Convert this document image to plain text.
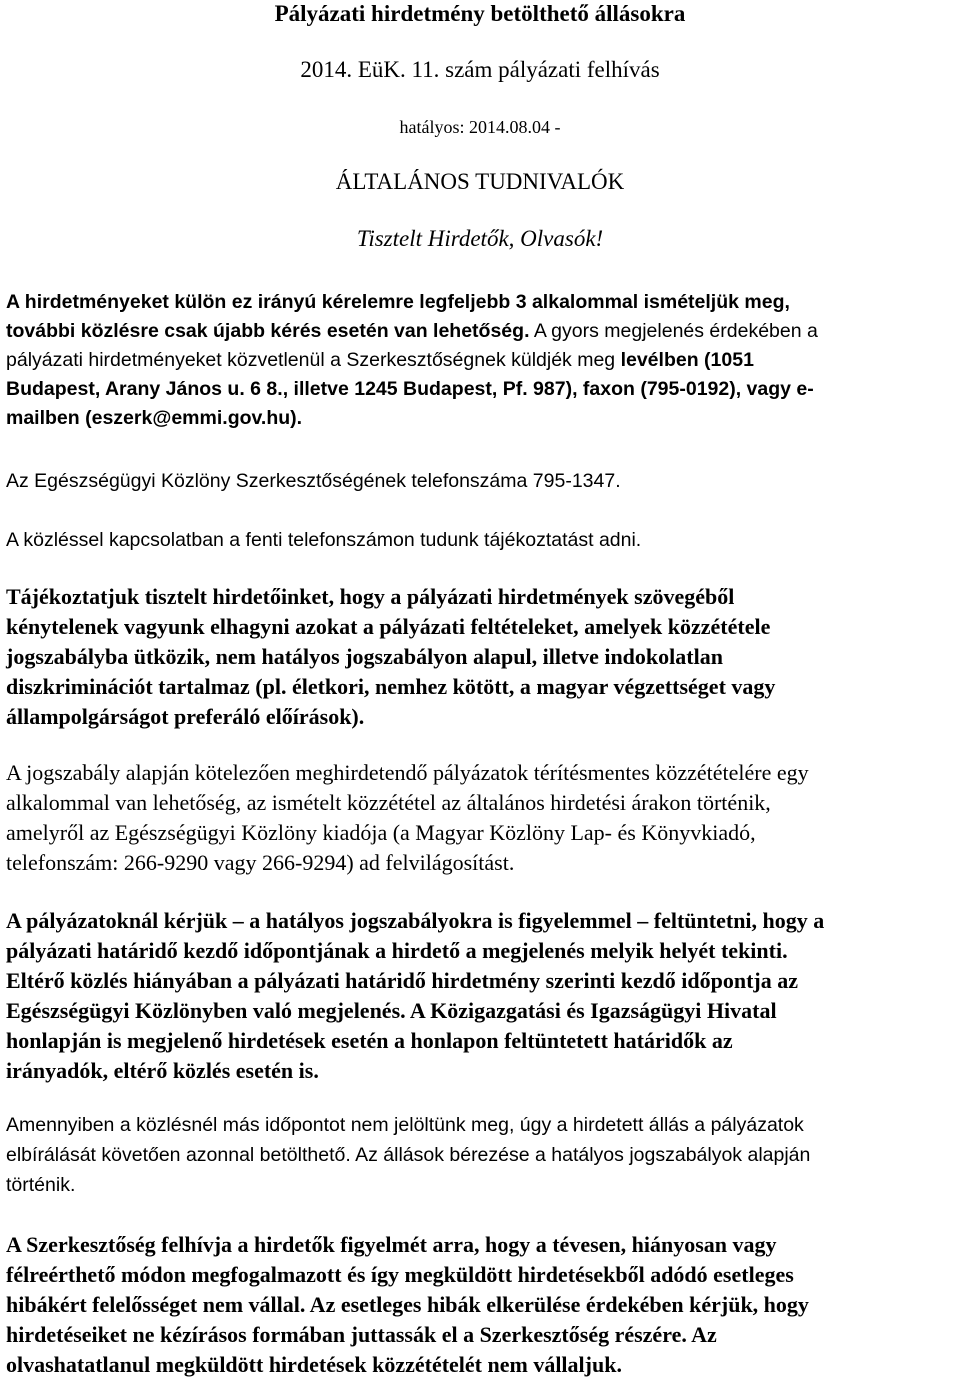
Pályázati hirdetmény betölthető állásokra
2014. EüK. 11. szám pályázati felhívás
hatályos: 2014.08.04 -
ÁLTALÁNOS TUDNIVALÓK
Tisztelt Hirdetők, Olvasók!
A hirdetményeket külön ez irányú kérelemre legfeljebb 3 alkalommal ismételjük meg,
további közlésre csak újabb kérés esetén van lehetőség. A gyors megjelenés érdekében a
pályázati hirdetményeket közvetlenül a Szerkesztőségnek küldjék meg levélben (1051
Budapest, Arany János u. 6 8., illetve 1245 Budapest, Pf. 987), faxon (795-0192), vagy e-
mailben (eszerk@emmi.gov.hu).
Az Egészségügyi Közlöny Szerkesztőségének telefonszáma 795-1347.
A közléssel kapcsolatban a fenti telefonszámon tudunk tájékoztatást adni.
Tájékoztatjuk tisztelt hirdetőinket, hogy a pályázati hirdetmények szövegéből
kénytelenek vagyunk elhagyni azokat a pályázati feltételeket, amelyek közzététele
jogszabályba ütközik, nem hatályos jogszabályon alapul, illetve indokolatlan
diszkriminációt tartalmaz (pl. életkori, nemhez kötött, a magyar végzettséget vagy
állampolgárságot preferáló előírások).
A jogszabály alapján kötelezően meghirdetendő pályázatok térítésmentes közzétételére egy
alkalommal van lehetőség, az ismételt közzététel az általános hirdetési árakon történik,
amelyről az Egészségügyi Közlöny kiadója (a Magyar Közlöny Lap- és Könyvkiadó,
telefonszám: 266-9290 vagy 266-9294) ad felvilágosítást.
A pályázatoknál kérjük – a hatályos jogszabályokra is figyelemmel – feltüntetni, hogy a
pályázati határidő kezdő időpontjának a hirdető a megjelenés melyik helyét tekinti.
Eltérő közlés hiányában a pályázati határidő hirdetmény szerinti kezdő időpontja az
Egészségügyi Közlönyben való megjelenés. A Közigazgatási és Igazságügyi Hivatal
honlapján is megjelenő hirdetések esetén a honlapon feltüntetett határidők az
irányadók, eltérő közlés esetén is.
Amennyiben a közlésnél más időpontot nem jelöltünk meg, úgy a hirdetett állás a pályázatok
elbírálását követően azonnal betölthető. Az állások bérezése a hatályos jogszabályok alapján
történik.
A Szerkesztőség felhívja a hirdetők figyelmét arra, hogy a tévesen, hiányosan vagy
félreérthető módon megfogalmazott és így megküldött hirdetésekből adódó esetleges
hibákért felelősséget nem vállal. Az esetleges hibák elkerülése érdekében kérjük, hogy
hirdetéseiket ne kézírásos formában juttassák el a Szerkesztőség részére. Az
olvashatatlanul megküldött hirdetések közzétételét nem vállaljuk.
